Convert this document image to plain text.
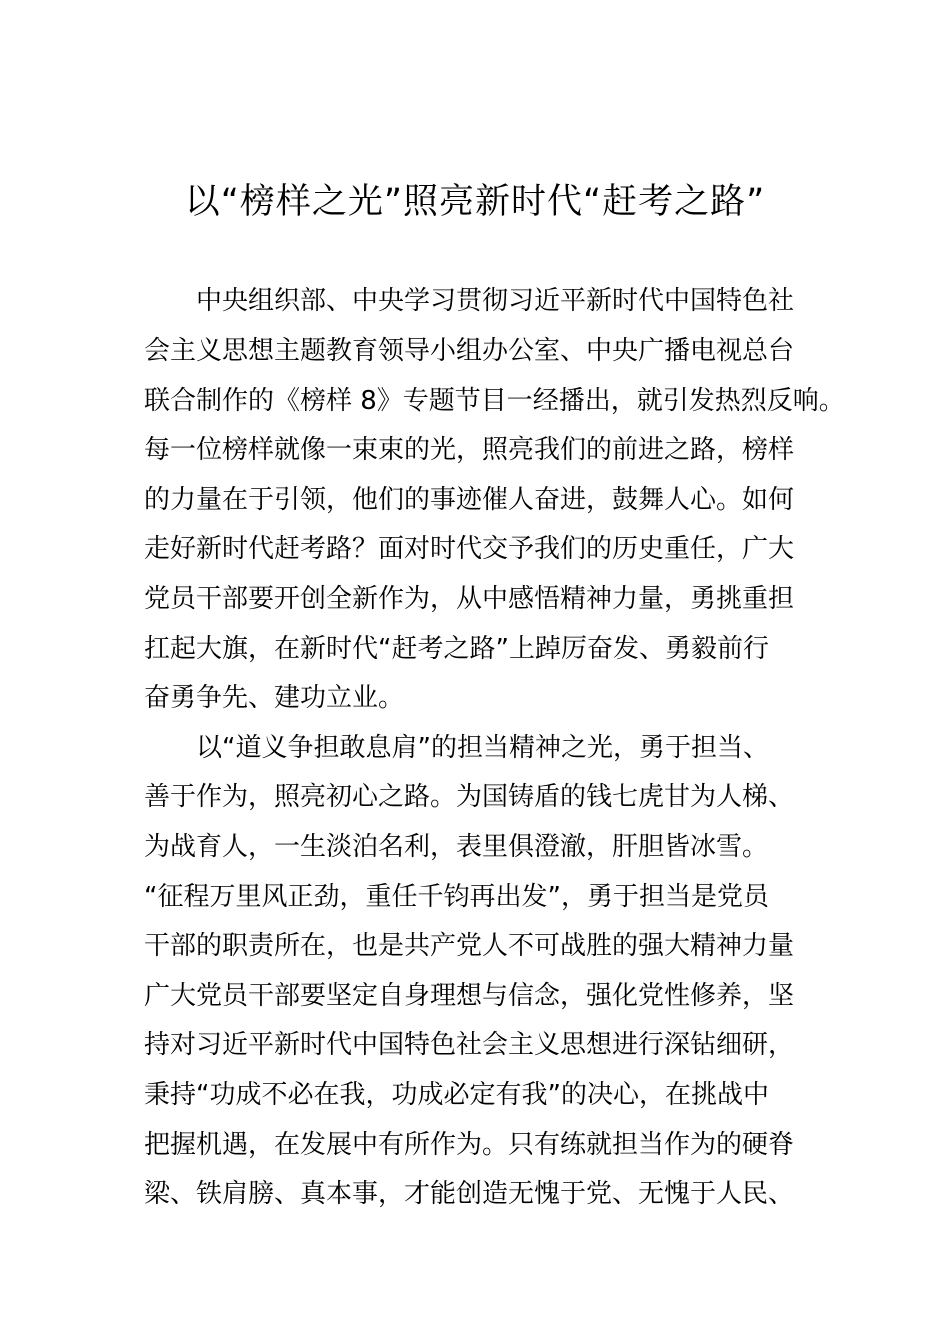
以“榜样之光”照亮新时代“赶考之路”
中央组织部、中央学习贯彻习近平新时代中国特色社
会主义思想主题教育领导小组办公室、中央广播电视总台
联合制作的《榜样 8》专题节目一经播出，就引发热烈反响。
每一位榜样就像一束束的光，照亮我们的前进之路，榜样
的力量在于引领，他们的事迹催人奋进，鼓舞人心。如何
走好新时代赶考路？面对时代交予我们的历史重任，广大
党员干部要开创全新作为，从中感悟精神力量，勇挑重担
扛起大旗，在新时代“赶考之路”上踔厉奋发、勇毅前行
奋勇争先、建功立业。
以“道义争担敢息肩”的担当精神之光，勇于担当、
善于作为，照亮初心之路。为国铸盾的钱七虎甘为人梯、
为战育人，一生淡泊名利，表里俱澄澈，肝胆皆冰雪。
“征程万里风正劲，重任千钧再出发”，勇于担当是党员
干部的职责所在，也是共产党人不可战胜的强大精神力量
广大党员干部要坚定自身理想与信念，强化党性修养，坚
持对习近平新时代中国特色社会主义思想进行深钻细研，
秉持“功成不必在我，功成必定有我”的决心，在挑战中
把握机遇，在发展中有所作为。只有练就担当作为的硬脊
梁、铁肩膀、真本事，才能创造无愧于党、无愧于人民、
